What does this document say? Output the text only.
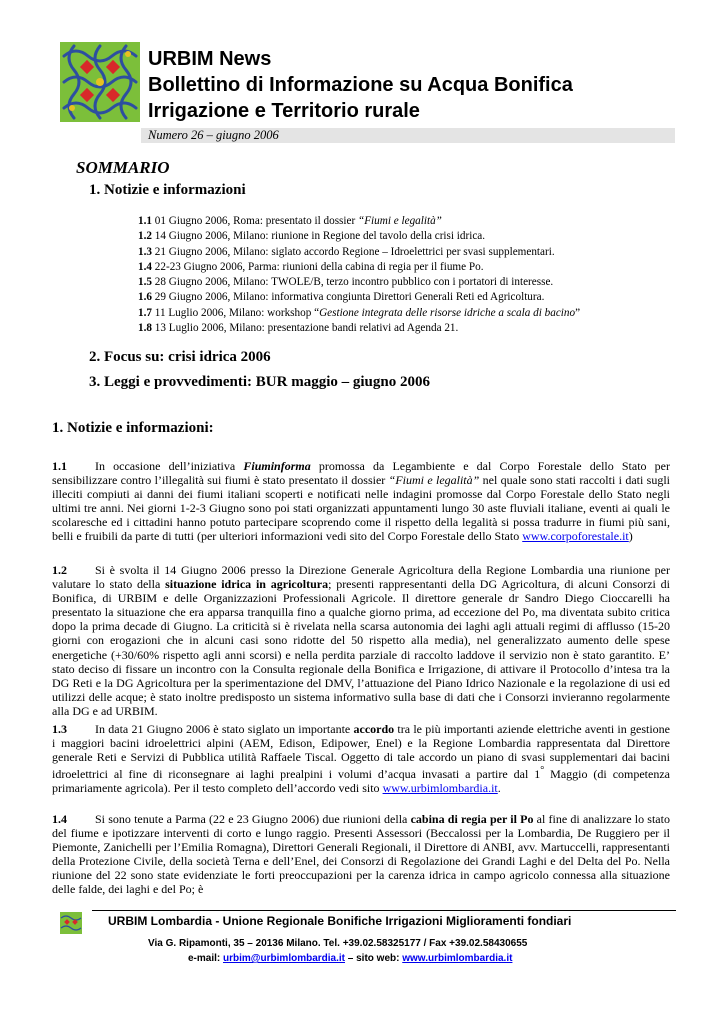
URBIM News
Bollettino di Informazione su Acqua Bonifica
Irrigazione e Territorio rurale
Numero 26 – giugno 2006
SOMMARIO
1. Notizie e informazioni
1.1 01 Giugno 2006, Roma: presentato il dossier “Fiumi e legalità”
1.2 14 Giugno 2006, Milano: riunione in Regione del tavolo della crisi idrica.
1.3 21 Giugno 2006, Milano: siglato accordo Regione – Idroelettrici per svasi supplementari.
1.4 22-23 Giugno 2006, Parma: riunioni della cabina di regia per il fiume Po.
1.5 28 Giugno 2006, Milano: TWOLE/B, terzo incontro pubblico con i portatori di interesse.
1.6 29 Giugno 2006, Milano: informativa congiunta Direttori Generali Reti ed Agricoltura.
1.7 11 Luglio 2006, Milano: workshop “Gestione integrata delle risorse idriche a scala di bacino”
1.8 13 Luglio 2006, Milano: presentazione bandi relativi ad Agenda 21.
2. Focus su: crisi idrica 2006
3. Leggi e provvedimenti: BUR maggio – giugno 2006
1. Notizie e informazioni:
1.1 In occasione dell’iniziativa Fiuminforma promossa da Legambiente e dal Corpo Forestale dello Stato per sensibilizzare contro l’illegalità sui fiumi è stato presentato il dossier “Fiumi e legalità” nel quale sono stati raccolti i dati sugli illeciti compiuti ai danni dei fiumi italiani scoperti e notificati nelle indagini promosse dal Corpo Forestale dello Stato negli ultimi tre anni. Nei giorni 1-2-3 Giugno sono poi stati organizzati appuntamenti lungo 30 aste fluviali italiane, eventi ai quali le scolaresche ed i cittadini hanno potuto partecipare scoprendo come il rispetto della legalità si possa tradurre in fiumi più sani, belli e fruibili da parte di tutti (per ulteriori informazioni vedi sito del Corpo Forestale dello Stato www.corpoforestale.it)
1.2 Si è svolta il 14 Giugno 2006 presso la Direzione Generale Agricoltura della Regione Lombardia una riunione per valutare lo stato della situazione idrica in agricoltura; presenti rappresentanti della DG Agricoltura, di alcuni Consorzi di Bonifica, di URBIM e delle Organizzazioni Professionali Agricole. Il direttore generale dr Sandro Diego Cioccarelli ha presentato la situazione che era apparsa tranquilla fino a qualche giorno prima, ad eccezione del Po, ma diventata subito critica dopo la prima decade di Giugno. La criticità si è rivelata nella scarsa autonomia dei laghi agli attuali regimi di afflusso (15-20 giorni con erogazioni che in alcuni casi sono ridotte del 50 rispetto alla media), nel generalizzato aumento delle spese energetiche (+30/60% rispetto agli anni scorsi) e nella perdita parziale di raccolto laddove il servizio non è stato garantito. E’ stato deciso di fissare un incontro con la Consulta regionale della Bonifica e Irrigazione, di attivare il Protocollo d’intesa tra la DG Reti e la DG Agricoltura per la sperimentazione del DMV, l’attuazione del Piano Idrico Nazionale e la regolazione di usi ed utilizzi delle acque; è stato inoltre predisposto un sistema informativo sulla base di dati che i Consorzi invieranno regolarmente alla DG e ad URBIM.
1.3 In data 21 Giugno 2006 è stato siglato un importante accordo tra le più importanti aziende elettriche aventi in gestione i maggiori bacini idroelettrici alpini (AEM, Edison, Edipower, Enel) e la Regione Lombardia rappresentata dal Direttore generale Reti e Servizi di Pubblica utilità Raffaele Tiscal. Oggetto di tale accordo un piano di svasi supplementari dai bacini idroelettrici al fine di riconsegnare ai laghi prealpini i volumi d’acqua invasati a partire dal 1° Maggio (di competenza primariamente agricola). Per il testo completo dell’accordo vedi sito www.urbimlombardia.it.
1.4 Si sono tenute a Parma (22 e 23 Giugno 2006) due riunioni della cabina di regia per il Po al fine di analizzare lo stato del fiume e ipotizzare interventi di corto e lungo raggio. Presenti Assessori (Beccalossi per la Lombardia, De Ruggiero per il Piemonte, Zanichelli per l’Emilia Romagna), Direttori Generali Regionali, il Direttore di ANBI, avv. Martuccelli, rappresentanti della Protezione Civile, della società Terna e dell’Enel, dei Consorzi di Regolazione dei Grandi Laghi e del Delta del Po. Nella riunione del 22 sono state evidenziate le forti preoccupazioni per la carenza idrica in campo agricolo connessa alla situazione delle falde, dei laghi e del Po; è
URBIM Lombardia - Unione Regionale Bonifiche Irrigazioni Miglioramenti fondiari
Via G. Ripamonti, 35 – 20136 Milano. Tel. +39.02.58325177 / Fax +39.02.58430655
e-mail: urbim@urbimlombardia.it – sito web: www.urbimlombardia.it
